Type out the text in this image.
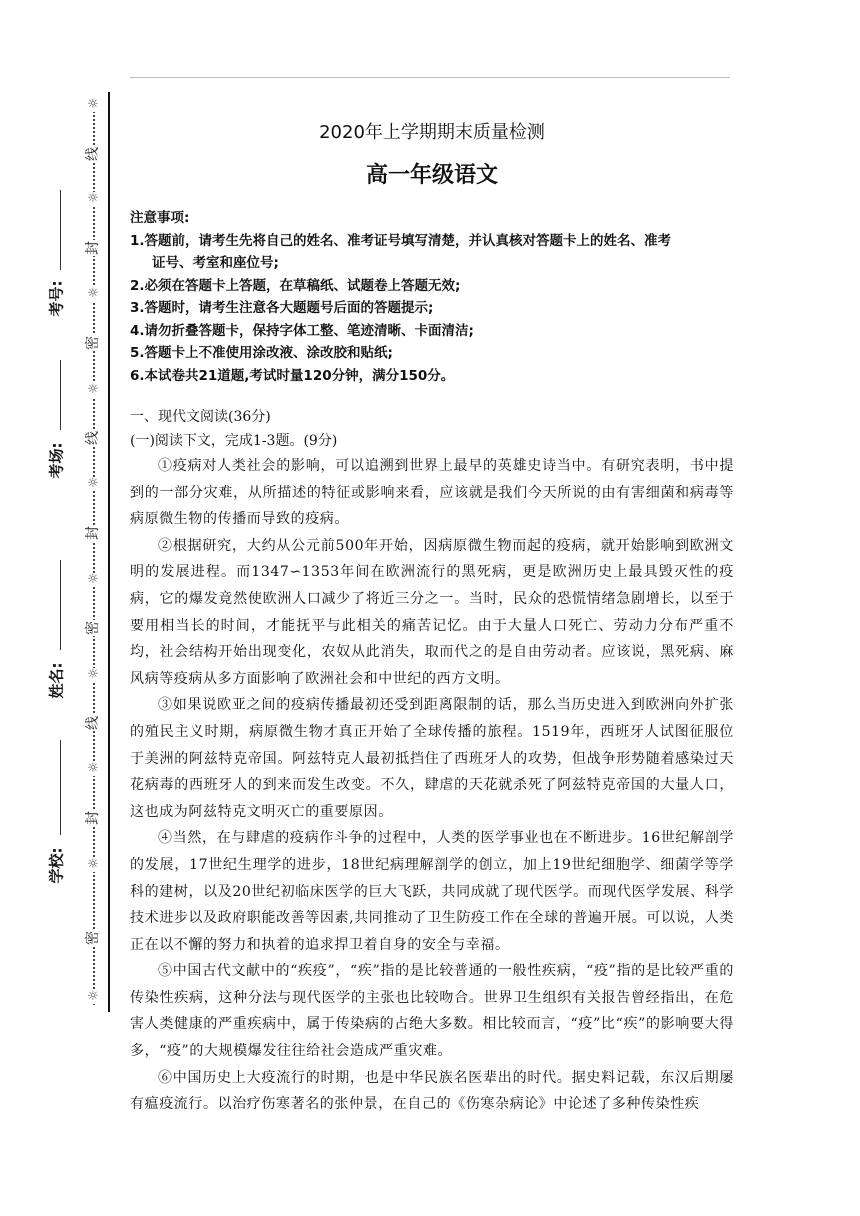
☼
☼
☼
☼
☼
☼
☼
☼
☼
☼
线
封
密
线
封
密
线
封
密
考号:
考场:
姓名:
学校:
2020年上学期期末质量检测
高一年级语文
注意事项:
1.答题前，请考生先将自己的姓名、准考证号填写清楚，并认真核对答题卡上的姓名、准考
证号、考室和座位号;
2.必须在答题卡上答题，在草稿纸、试题卷上答题无效;
3.答题时，请考生注意各大题题号后面的答题提示;
4.请勿折叠答题卡，保持字体工整、笔迹清晰、卡面清洁;
5.答题卡上不准使用涂改液、涂改胶和贴纸;
6.本试卷共21道题,考试时量120分钟，满分150分。
一、现代文阅读(36分)
(一)阅读下文，完成1-3题。(9分)

①疫病对人类社会的影响，可以追溯到世界上最早的英雄史诗当中。有研究表明，书中提到的一部分灾难，从所描述的特征或影响来看，应该就是我们今天所说的由有害细菌和病毒等病原微生物的传播而导致的疫病。

②根据研究，大约从公元前500年开始，因病原微生物而起的疫病，就开始影响到欧洲文明的发展进程。而1347∽1353年间在欧洲流行的黑死病，更是欧洲历史上最具毁灭性的疫病，它的爆发竟然使欧洲人口减少了将近三分之一。当时，民众的恐慌情绪急剧增长，以至于要用相当长的时间，才能抚平与此相关的痛苦记忆。由于大量人口死亡、劳动力分布严重不均，社会结构开始出现变化，农奴从此消失，取而代之的是自由劳动者。应该说，黑死病、麻风病等疫病从多方面影响了欧洲社会和中世纪的西方文明。

③如果说欧亚之间的疫病传播最初还受到距离限制的话，那么当历史进入到欧洲向外扩张的殖民主义时期，病原微生物才真正开始了全球传播的旅程。1519年，西班牙人试图征服位于美洲的阿兹特克帝国。阿兹特克人最初抵挡住了西班牙人的攻势，但战争形势随着感染过天花病毒的西班牙人的到来而发生改变。不久，肆虐的天花就杀死了阿兹特克帝国的大量人口，这也成为阿兹特克文明灭亡的重要原因。

④当然，在与肆虐的疫病作斗争的过程中，人类的医学事业也在不断进步。16世纪解剖学的发展，17世纪生理学的进步，18世纪病理解剖学的创立，加上19世纪细胞学、细菌学等学科的建树，以及20世纪初临床医学的巨大飞跃，共同成就了现代医学。而现代医学发展、科学技术进步以及政府职能改善等因素,共同推动了卫生防疫工作在全球的普遍开展。可以说，人类正在以不懈的努力和执着的追求捍卫着自身的安全与幸福。

⑤中国古代文献中的“疾疫”，“疾”指的是比较普通的一般性疾病，“疫”指的是比较严重的传染性疾病，这种分法与现代医学的主张也比较吻合。世界卫生组织有关报告曾经指出，在危害人类健康的严重疾病中，属于传染病的占绝大多数。相比较而言，“疫”比“疾”的影响要大得多，“疫”的大规模爆发往往给社会造成严重灾难。

⑥中国历史上大疫流行的时期，也是中华民族名医辈出的时代。据史料记载，东汉后期屡有瘟疫流行。以治疗伤寒著名的张仲景，在自己的《伤寒杂病论》中论述了多种传染性疾
